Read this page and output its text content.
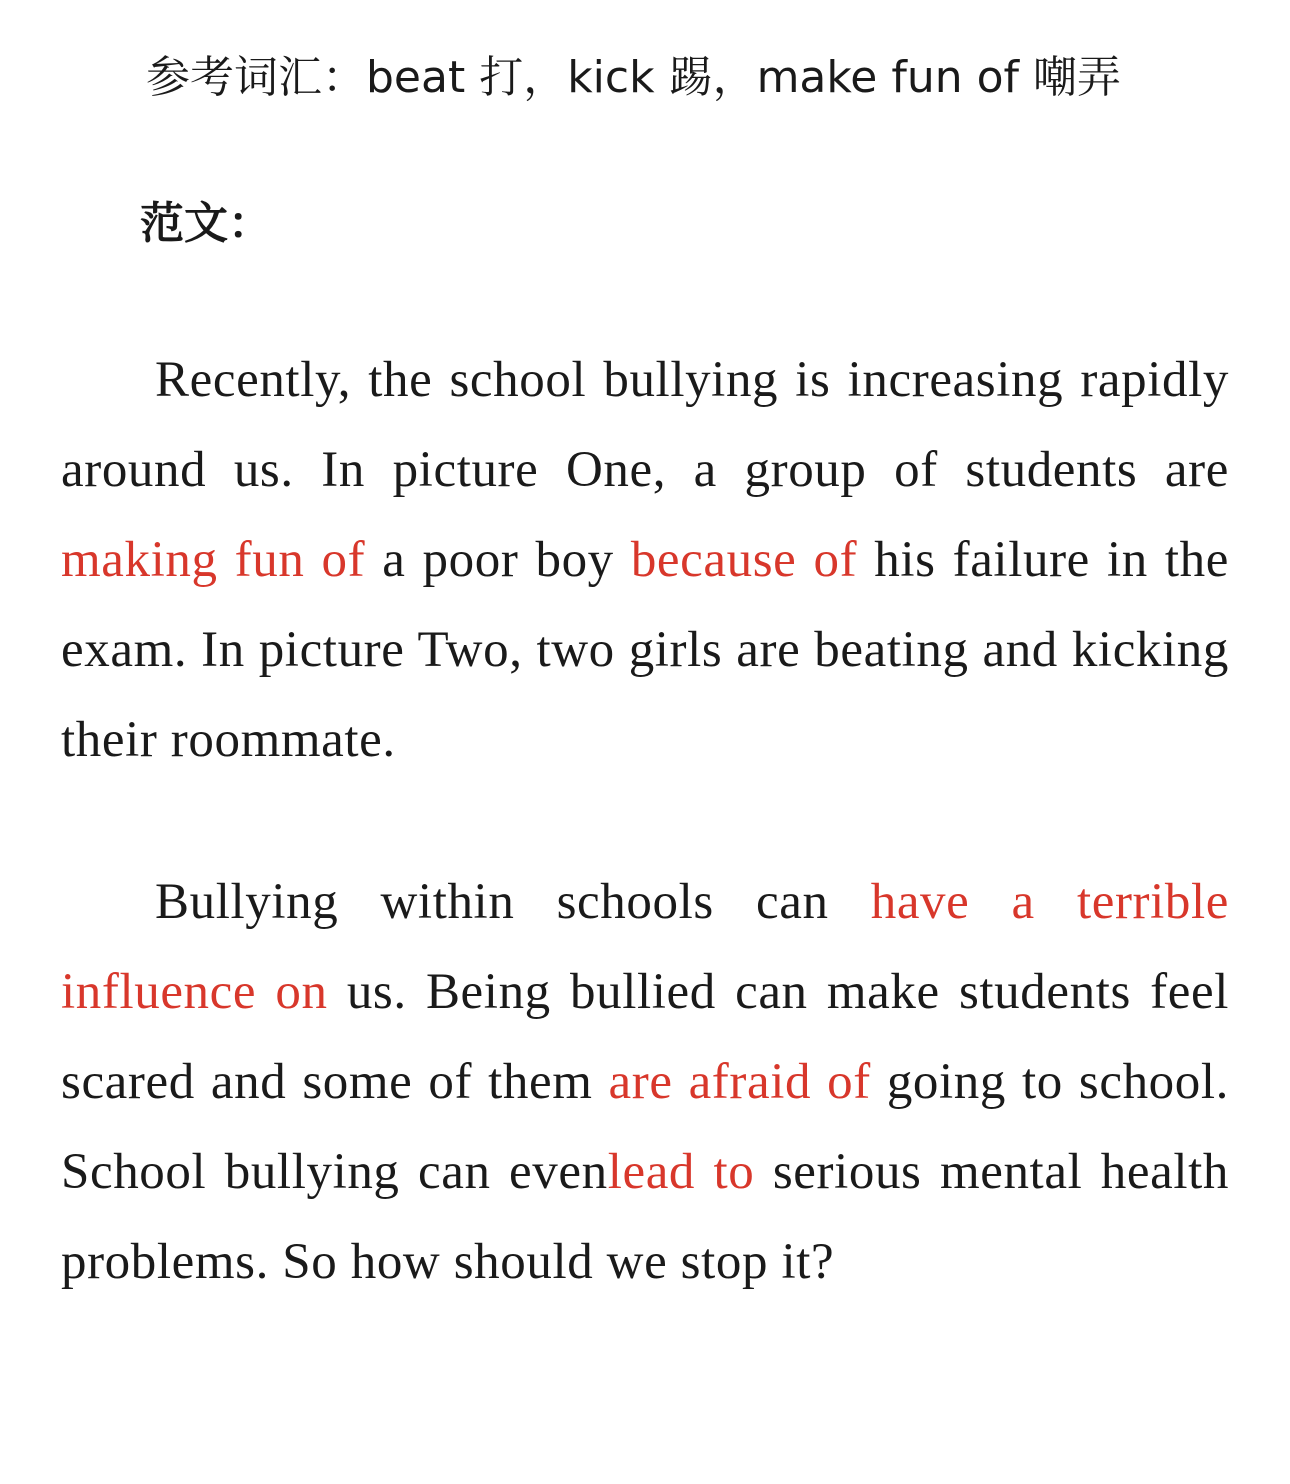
参考词汇：beat 打，kick 踢，make fun of 嘲弄
范文：

Recently, the school bullying is increasing rapidly around us. In picture One, a group of students are making fun of a poor boy because of his failure in the exam. In picture Two, two girls are beating and kicking their roommate.

Bullying within schools can have a terrible influence on us. Being bullied can make students feel scared and some of them are afraid of going to school. School bullying can evenlead to serious mental health problems. So how should we stop it?
